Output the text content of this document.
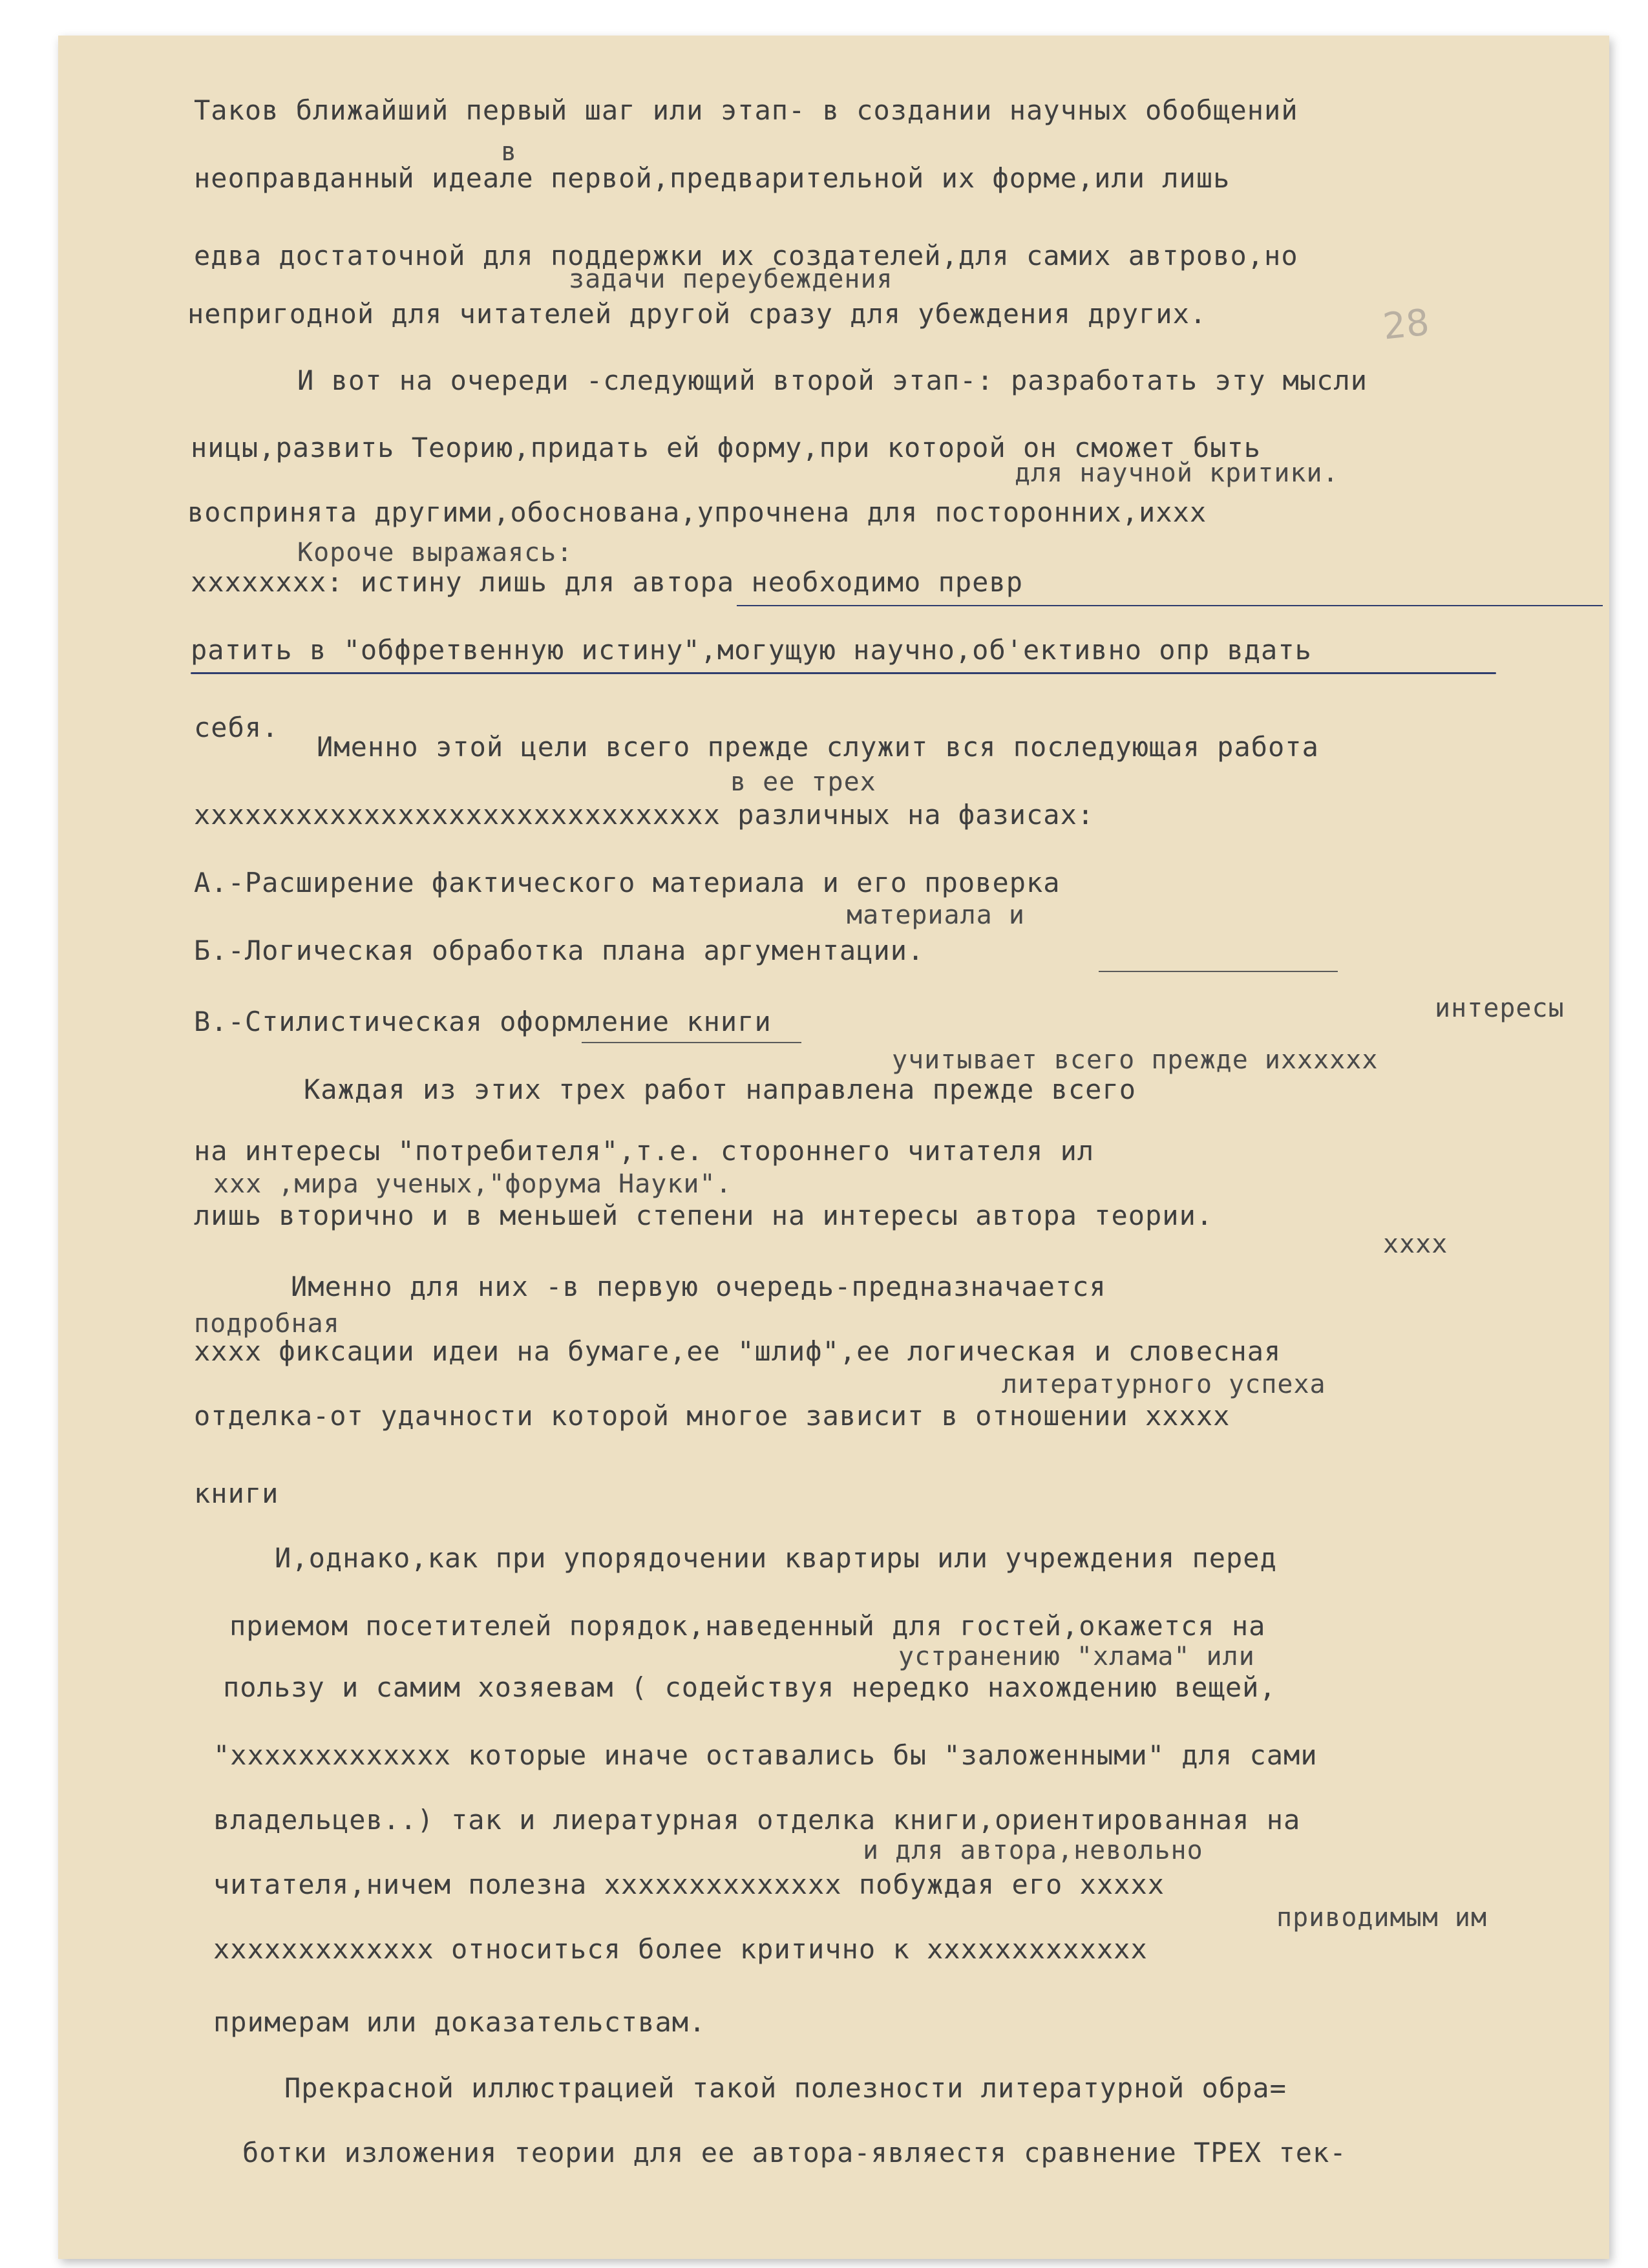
28
Таков ближайший первый шаг или этап- в создании научных обобщений
в
неоправданный идеале первой,предварительной их форме,или лишь
едва достаточной для поддержки их создателей,для самих автрово,но
задачи переубеждения
непригодной для читателей другой сразу для убеждения других.
И вот на очереди -следующий второй этап-: разработать эту мысли
ницы,развить Теорию,придать ей форму,при которой он сможет быть
для научной критики.
воспринята другими,обоснована,упрочнена для посторонних,иххх
Короче выражаясь:
хххххххх: истину лишь для автора необходимо превр
ратить в "обфретвенную истину",могущую научно,об'ективно опр вдать
себя.
Именно этой цели всего прежде служит вся последующая работа
в ее трех
ххххххххххххххххххххххххххххххх различных на фазисах:
А.-Расширение фактического материала и его проверка
материала и
Б.-Логическая обработка плана аргументации.
интересы
В.-Стилистическая оформление книги
учитывает всего прежде ихххххх
Каждая из этих трех работ направлена прежде всего
на интересы "потребителя",т.е. стороннего читателя ил
ххх ,мира ученых,"форума Науки".
лишь вторично и в меньшей степени на интересы автора теории.
хххх
Именно для них -в первую очередь-предназначается
подробная
хххх фиксации идеи на бумаге,ее "шлиф",ее логическая и словесная
литературного успеха
отделка-от удачности которой многое зависит в отношении ххххх
книги
И,однако,как при упорядочении квартиры или учреждения перед
приемом посетителей порядок,наведенный для гостей,окажется на
устранению "хлама" или
пользу и самим хозяевам ( содействуя нередко нахождению вещей,
"ххххххххххххх которые иначе оставались бы "заложенными" для сами
владельцев..) так и лиературная отделка книги,ориентированная на
и для автора,невольно
читателя,ничем полезна хххххххххххххх побуждая его ххххх
приводимым им
ххххххххххххх относиться более критично к ххххххххххххх
примерам или доказательствам.
Прекрасной иллюстрацией такой полезности литературной обра=
ботки изложения теории для ее автора-являестя сравнение ТРЕХ тек-
